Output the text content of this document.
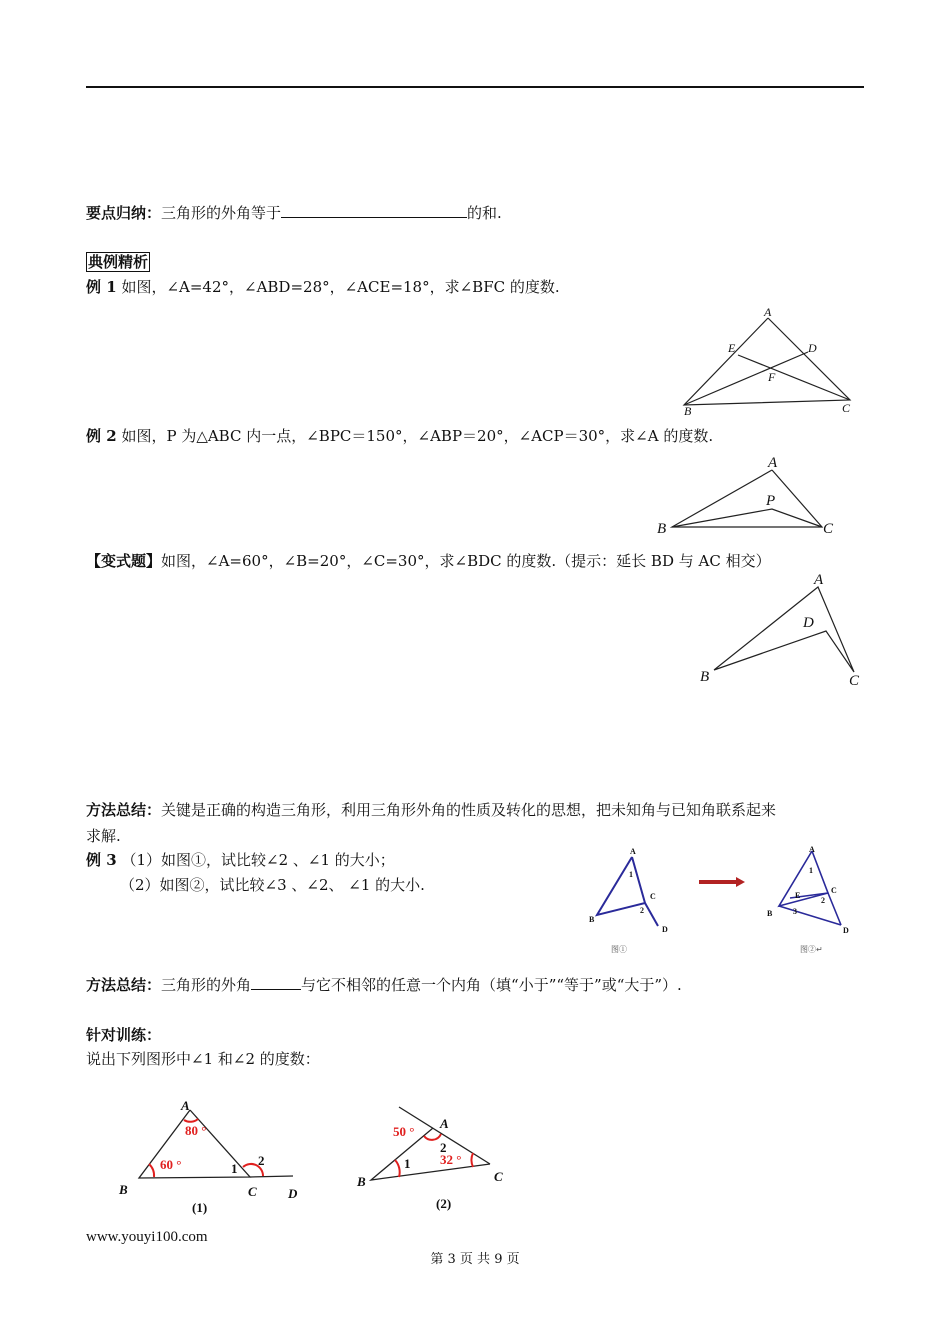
要点归纳：三角形的外角等于	的和.
典例精析
例 1 如图，∠A=42°，∠ABD=28°，∠ACE=18°，求∠BFC 的度数.
A
B	C
D
E
F
A
B	C
P
A
B	C
D
A
B
C
D
1
2
图①
A
B
C
D
E
1
2
3
图②↵
A
B	C D
80 °
60 °	1
2
(1)
A
B	C
50 °
32 °
1
2
(2)
例 2 如图，P 为△ABC 内一点，∠BPC＝150°，∠ABP＝20°，∠ACP＝30°，求∠A 的度数.
【变式题】如图，∠A=60°，∠B=20°，∠C=30°，求∠BDC 的度数.（提示：延长 BD 与 AC 相交）
方法总结：关键是正确的构造三角形，利用三角形外角的性质及转化的思想，把未知角与已知角联系起来
求解.
例 3 （1）如图①，试比较∠2 、∠1 的大小；
（2）如图②，试比较∠3 、∠2、 ∠1 的大小.
方法总结：三角形的外角	与它不相邻的任意一个内角（填“小于”“等于”或“大于”）.
针对训练：
说出下列图形中∠1 和∠2 的度数：
www.youyi100.com
第 3 页 共 9 页
